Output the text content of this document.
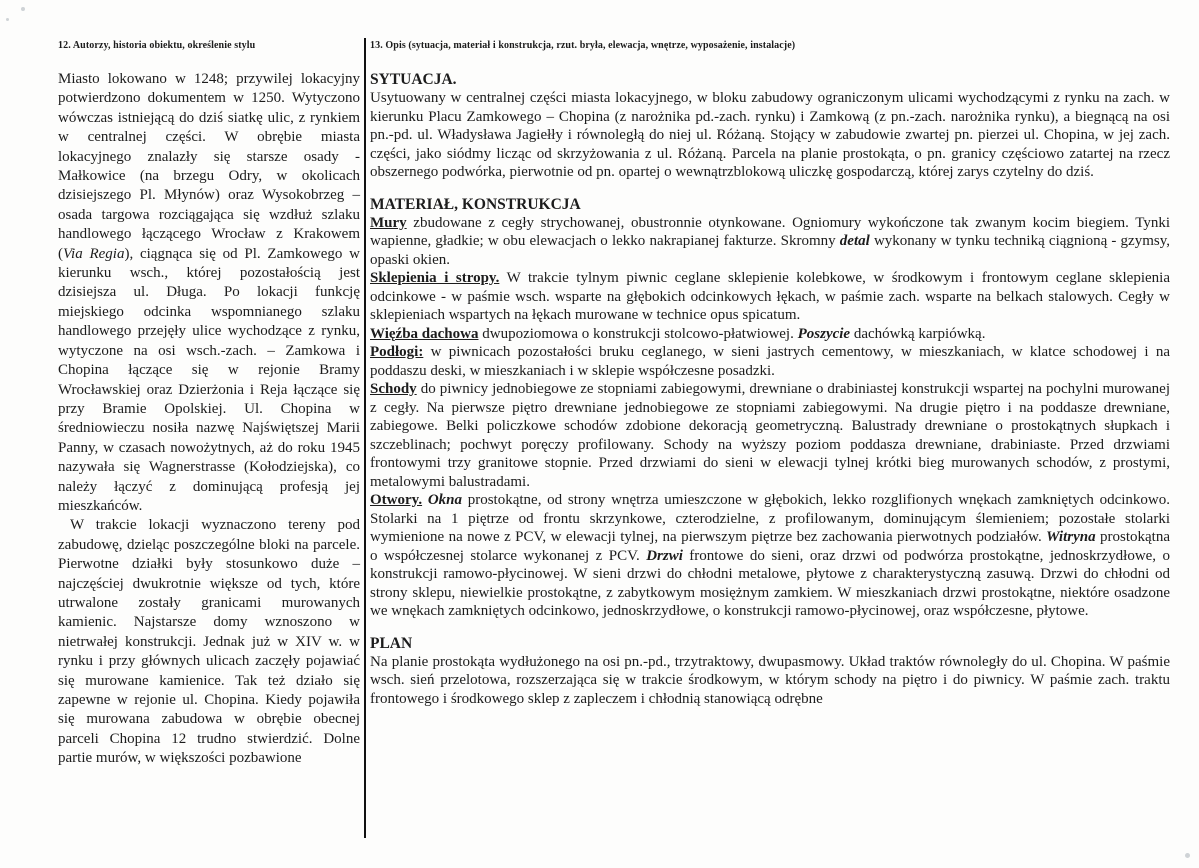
12. Autorzy, historia obiektu, określenie stylu

Miasto lokowano w 1248; przywilej lokacyjny potwierdzono dokumentem w 1250. Wytyczono wówczas istniejącą do dziś siatkę ulic, z rynkiem w centralnej części. W obrębie miasta lokacyjnego znalazły się starsze osady - Małkowice (na brzegu Odry, w okolicach dzisiejszego Pl. Młynów) oraz Wysokobrzeg – osada targowa rozciągająca się wzdłuż szlaku handlowego łączącego Wrocław z Krakowem (Via Regia), ciągnąca się od Pl. Zamkowego w kierunku wsch., której pozostałością jest dzisiejsza ul. Długa. Po lokacji funkcję miejskiego odcinka wspomnianego szlaku handlowego przejęły ulice wychodzące z rynku, wytyczone na osi wsch.-zach. – Zamkowa i Chopina łączące się w rejonie Bramy Wrocławskiej oraz Dzierżonia i Reja łączące się przy Bramie Opolskiej. Ul. Chopina w średniowieczu nosiła nazwę Najświętszej Marii Panny, w czasach nowożytnych, aż do roku 1945 nazywała się Wagnerstrasse (Kołodziejska), co należy łączyć z dominującą profesją jej mieszkańców.

W trakcie lokacji wyznaczono tereny pod zabudowę, dzieląc poszczególne bloki na parcele. Pierwotne działki były stosunkowo duże – najczęściej dwukrotnie większe od tych, które utrwalone zostały granicami murowanych kamienic. Najstarsze domy wznoszono w nietrwałej konstrukcji. Jednak już w XIV w. w rynku i przy głównych ulicach zaczęły pojawiać się murowane kamienice. Tak też działo się zapewne w rejonie ul. Chopina. Kiedy pojawiła się murowana zabudowa w obrębie obecnej parceli Chopina 12 trudno stwierdzić. Dolne partie murów, w większości pozbawione

13. Opis (sytuacja, materiał i konstrukcja, rzut. bryła, elewacja, wnętrze, wyposażenie, instalacje)

SYTUACJA.

Usytuowany w centralnej części miasta lokacyjnego, w bloku zabudowy ograniczonym ulicami wychodzącymi z rynku na zach. w kierunku Placu Zamkowego – Chopina (z narożnika pd.-zach. rynku) i Zamkową (z pn.-zach. narożnika rynku), a biegnącą na osi pn.-pd. ul. Władysława Jagiełły i równoległą do niej ul. Różaną. Stojący w zabudowie zwartej pn. pierzei ul. Chopina, w jej zach. części, jako siódmy licząc od skrzyżowania z ul. Różaną. Parcela na planie prostokąta, o pn. granicy częściowo zatartej na rzecz obszernego podwórka, pierwotnie od pn. opartej o wewnątrzblokową uliczkę gospodarczą, której zarys czytelny do dziś.

MATERIAŁ, KONSTRUKCJA

Mury zbudowane z cegły strychowanej, obustronnie otynkowane. Ogniomury wykończone tak zwanym kocim biegiem. Tynki wapienne, gładkie; w obu elewacjach o lekko nakrapianej fakturze. Skromny detal wykonany w tynku techniką ciągnioną - gzymsy, opaski okien.

Sklepienia i stropy. W trakcie tylnym piwnic ceglane sklepienie kolebkowe, w środkowym i frontowym ceglane sklepienia odcinkowe - w paśmie wsch. wsparte na głębokich odcinkowych łękach, w paśmie zach. wsparte na belkach stalowych. Cegły w sklepieniach wspartych na łękach murowane w technice opus spicatum.

Więźba dachowa dwupoziomowa o konstrukcji stolcowo-płatwiowej. Poszycie dachówką karpiówką.

Podłogi: w piwnicach pozostałości bruku ceglanego, w sieni jastrych cementowy, w mieszkaniach, w klatce schodowej i na poddaszu deski, w mieszkaniach i w sklepie współczesne posadzki.

Schody do piwnicy jednobiegowe ze stopniami zabiegowymi, drewniane o drabiniastej konstrukcji wspartej na pochylni murowanej z cegły. Na pierwsze piętro drewniane jednobiegowe ze stopniami zabiegowymi. Na drugie piętro i na poddasze drewniane, zabiegowe. Belki policzkowe schodów zdobione dekoracją geometryczną. Balustrady drewniane o prostokątnych słupkach i szczeblinach; pochwyt poręczy profilowany. Schody na wyższy poziom poddasza drewniane, drabiniaste. Przed drzwiami frontowymi trzy granitowe stopnie. Przed drzwiami do sieni w elewacji tylnej krótki bieg murowanych schodów, z prostymi, metalowymi balustradami.

Otwory. Okna prostokątne, od strony wnętrza umieszczone w głębokich, lekko rozglifionych wnękach zamkniętych odcinkowo. Stolarki na 1 piętrze od frontu skrzynkowe, czterodzielne, z profilowanym, dominującym ślemieniem; pozostałe stolarki wymienione na nowe z PCV, w elewacji tylnej, na pierwszym piętrze bez zachowania pierwotnych podziałów. Witryna prostokątna o współczesnej stolarce wykonanej z PCV. Drzwi frontowe do sieni, oraz drzwi od podwórza prostokątne, jednoskrzydłowe, o konstrukcji ramowo-płycinowej. W sieni drzwi do chłodni metalowe, płytowe z charakterystyczną zasuwą. Drzwi do chłodni od strony sklepu, niewielkie prostokątne, z zabytkowym mosiężnym zamkiem. W mieszkaniach drzwi prostokątne, niektóre osadzone we wnękach zamkniętych odcinkowo, jednoskrzydłowe, o konstrukcji ramowo-płycinowej, oraz współczesne, płytowe.

PLAN

Na planie prostokąta wydłużonego na osi pn.-pd., trzytraktowy, dwupasmowy. Układ traktów równoległy do ul. Chopina. W paśmie wsch. sień przelotowa, rozszerzająca się w trakcie środkowym, w którym schody na piętro i do piwnicy. W paśmie zach. traktu frontowego i środkowego sklep z zapleczem i chłodnią stanowiącą odrębne
